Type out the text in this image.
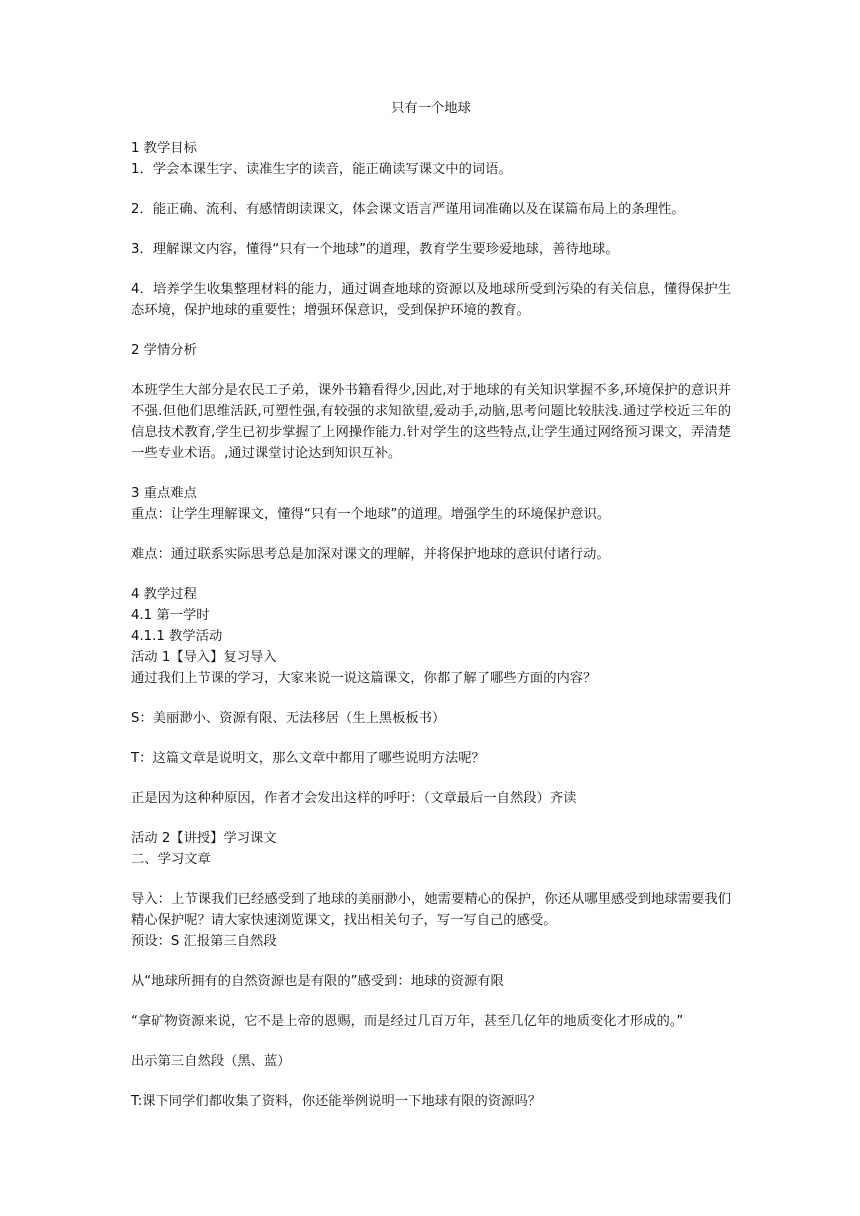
只有一个地球

1 教学目标

1．学会本课生字、读准生字的读音，能正确读写课文中的词语。

2．能正确、流利、有感情朗读课文，体会课文语言严谨用词准确以及在谋篇布局上的条理性。

3．理解课文内容，懂得“只有一个地球”的道理，教育学生要珍爱地球，善待地球。

4．培养学生收集整理材料的能力，通过调查地球的资源以及地球所受到污染的有关信息，懂得保护生态环境，保护地球的重要性；增强环保意识，受到保护环境的教育。

2 学情分析

本班学生大部分是农民工子弟，课外书籍看得少,因此,对于地球的有关知识掌握不多,环境保护的意识并不强.但他们思维活跃,可塑性强,有较强的求知欲望,爱动手,动脑,思考问题比较肤浅.通过学校近三年的信息技术教育,学生已初步掌握了上网操作能力.针对学生的这些特点,让学生通过网络预习课文，弄清楚一些专业术语。,通过课堂讨论达到知识互补。

3 重点难点

重点：让学生理解课文，懂得“只有一个地球”的道理。增强学生的环境保护意识。

难点：通过联系实际思考总是加深对课文的理解，并将保护地球的意识付诸行动。

4 教学过程

4.1 第一学时

4.1.1 教学活动

活动 1【导入】复习导入

通过我们上节课的学习，大家来说一说这篇课文，你都了解了哪些方面的内容？

S：美丽渺小、资源有限、无法移居（生上黑板板书）

T：这篇文章是说明文，那么文章中都用了哪些说明方法呢？

正是因为这种种原因，作者才会发出这样的呼吁：（文章最后一自然段）齐读

活动 2【讲授】学习课文

二、学习文章

导入：上节课我们已经感受到了地球的美丽渺小，她需要精心的保护，你还从哪里感受到地球需要我们精心保护呢？请大家快速浏览课文，找出相关句子，写一写自己的感受。

预设：S 汇报第三自然段

从“地球所拥有的自然资源也是有限的”感受到：地球的资源有限

“拿矿物资源来说，它不是上帝的恩赐，而是经过几百万年，甚至几亿年的地质变化才形成的。”

出示第三自然段（黑、蓝）

T:课下同学们都收集了资料，你还能举例说明一下地球有限的资源吗？
